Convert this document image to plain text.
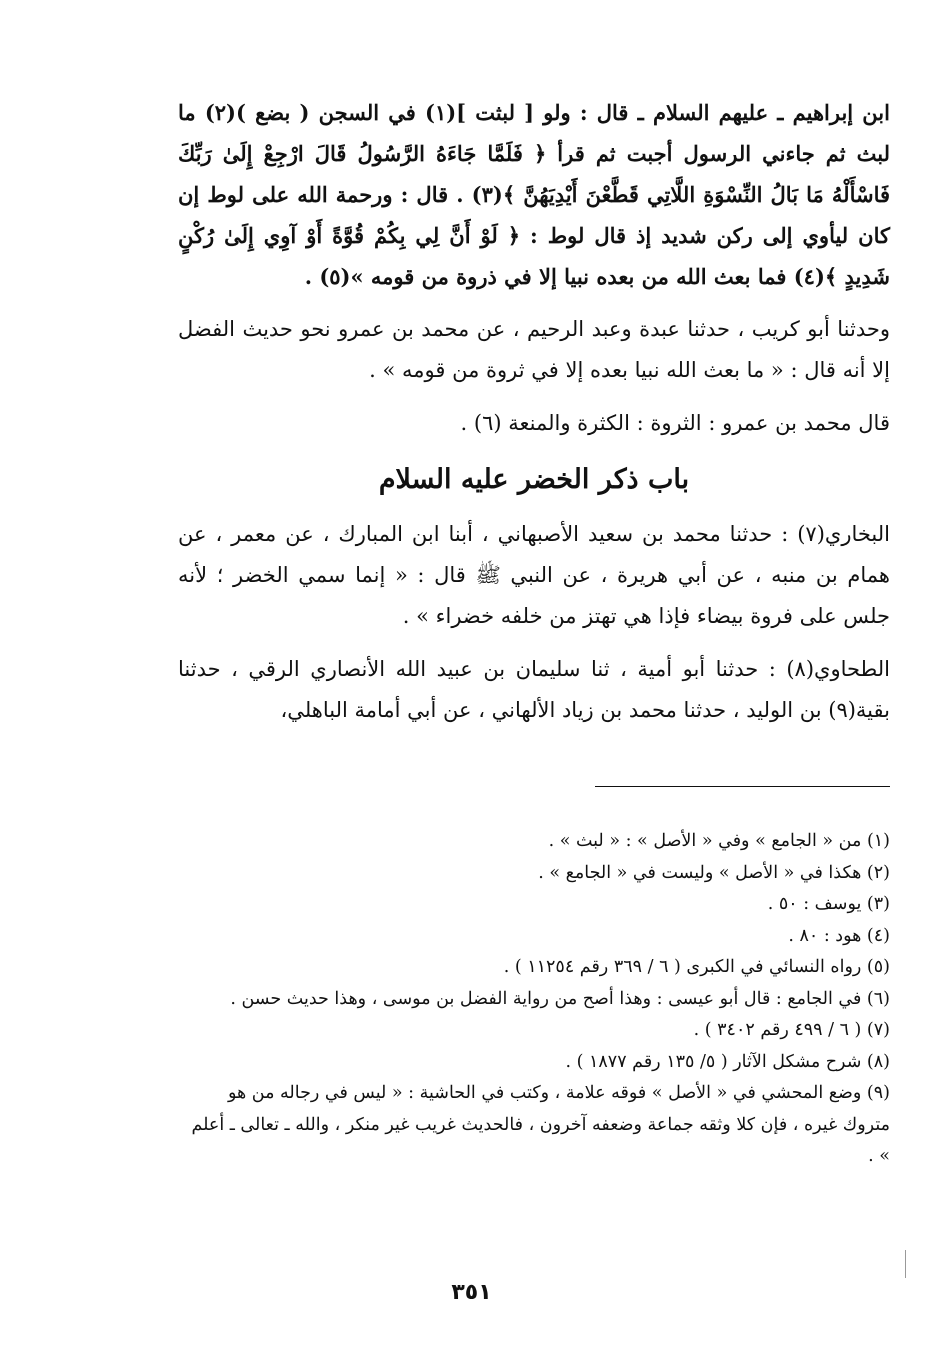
ابن إبراهيم ـ عليهم السلام ـ قال : ولو [ لبثت ](١) في السجن ( بضع )(٢) ما لبث ثم جاءني الرسول أجبت ثم قرأ ﴿ فَلَمَّا جَاءَهُ الرَّسُولُ قَالَ ارْجِعْ إِلَىٰ رَبِّكَ فَاسْأَلْهُ مَا بَالُ النِّسْوَةِ اللَّاتِي قَطَّعْنَ أَيْدِيَهُنَّ ﴾(٣) . قال : ورحمة الله على لوط إن كان ليأوي إلى ركن شديد إذ قال لوط : ﴿ لَوْ أَنَّ لِي بِكُمْ قُوَّةً أَوْ آوِي إِلَىٰ رُكْنٍ شَدِيدٍ ﴾(٤) فما بعث الله من بعده نبيا إلا في ذروة من قومه »(٥) .

وحدثنا أبو كريب ، حدثنا عبدة وعبد الرحيم ، عن محمد بن عمرو نحو حديث الفضل إلا أنه قال : « ما بعث الله نبيا بعده إلا في ثروة من قومه » .

قال محمد بن عمرو : الثروة : الكثرة والمنعة (٦) .

باب ذكر الخضر عليه السلام

البخاري(٧) : حدثنا محمد بن سعيد الأصبهاني ، أبنا ابن المبارك ، عن معمر ، عن همام بن منبه ، عن أبي هريرة ، عن النبي ﷺ قال : « إنما سمي الخضر ؛ لأنه جلس على فروة بيضاء فإذا هي تهتز من خلفه خضراء » .

الطحاوي(٨) : حدثنا أبو أمية ، ثنا سليمان بن عبيد الله الأنصاري الرقي ، حدثنا بقية(٩) بن الوليد ، حدثنا محمد بن زياد الألهاني ، عن أبي أمامة الباهلي،

(١) من « الجامع » وفي « الأصل » : « لبث » .

(٢) هكذا في « الأصل » وليست في « الجامع » .

(٣) يوسف : ٥٠ .

(٤) هود : ٨٠ .

(٥) رواه النسائي في الكبرى ( ٦ / ٣٦٩ رقم ١١٢٥٤ ) .

(٦) في الجامع : قال أبو عيسى : وهذا أصح من رواية الفضل بن موسى ، وهذا حديث حسن .

(٧) ( ٦ / ٤٩٩ رقم ٣٤٠٢ ) .

(٨) شرح مشكل الآثار ( ٥/ ١٣٥ رقم ١٨٧٧ ) .

(٩) وضع المحشي في « الأصل » فوقه علامة ، وكتب في الحاشية : « ليس في رجاله من هو متروك غيره ، فإن كلا وثقه جماعة وضعفه آخرون ، فالحديث غريب غير منكر ، والله ـ تعالى ـ أعلم » .

٣٥١
